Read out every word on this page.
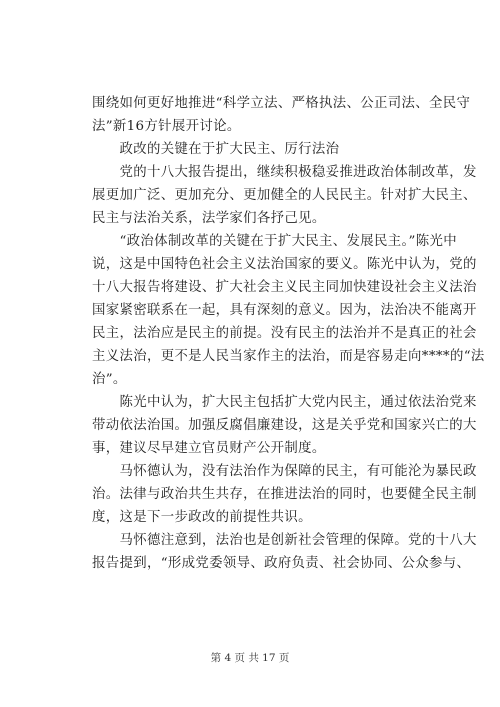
围绕如何更好地推进“科学立法、严格执法、公正司法、全民守
法”新16方针展开讨论。
　　政改的关键在于扩大民主、厉行法治
　　党的十八大报告提出，继续积极稳妥推进政治体制改革，发
展更加广泛、更加充分、更加健全的人民民主。针对扩大民主、
民主与法治关系，法学家们各抒己见。
　　“政治体制改革的关键在于扩大民主、发展民主。”陈光中
说，这是中国特色社会主义法治国家的要义。陈光中认为，党的
十八大报告将建设、扩大社会主义民主同加快建设社会主义法治
国家紧密联系在一起，具有深刻的意义。因为，法治决不能离开
民主，法治应是民主的前提。没有民主的法治并不是真正的社会
主义法治，更不是人民当家作主的法治，而是容易走向****的“法
治”。
　　陈光中认为，扩大民主包括扩大党内民主，通过依法治党来
带动依法治国。加强反腐倡廉建设，这是关乎党和国家兴亡的大
事，建议尽早建立官员财产公开制度。
　　马怀德认为，没有法治作为保障的民主，有可能沦为暴民政
治。法律与政治共生共存，在推进法治的同时，也要健全民主制
度，这是下一步政改的前提性共识。
　　马怀德注意到，法治也是创新社会管理的保障。党的十八大
报告提到，“形成党委领导、政府负责、社会协同、公众参与、
第 4 页 共 17 页
